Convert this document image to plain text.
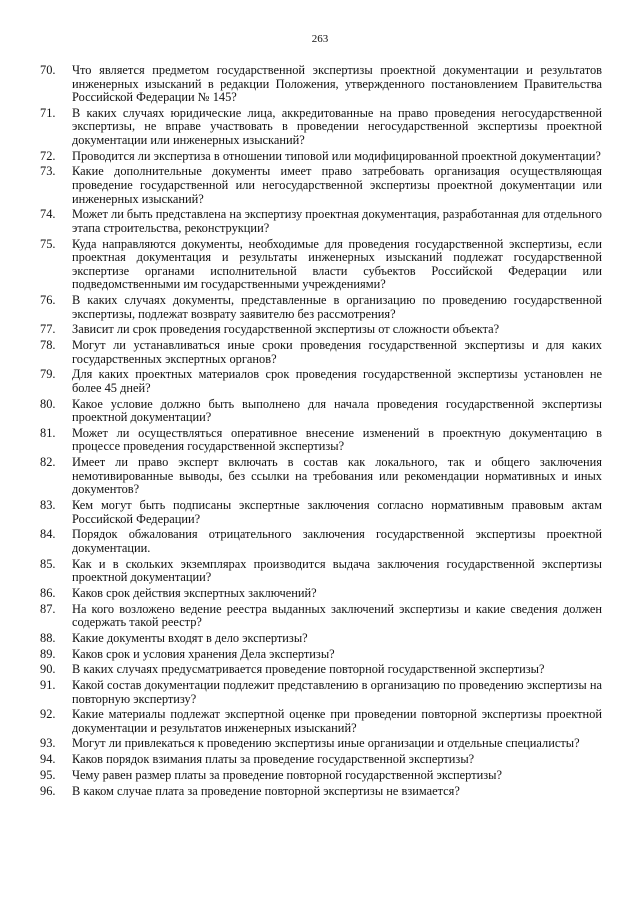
263
70.	Что является предметом государственной экспертизы проектной документации и результатов инженерных изысканий в редакции Положения, утвержденного постановлением Правительства Российской Федерации № 145?
71.	В каких случаях юридические лица, аккредитованные на право проведения негосударственной экспертизы, не вправе участвовать в проведении негосударственной экспертизы проектной документации или инженерных изысканий?
72.	Проводится ли экспертиза в отношении типовой или модифицированной проектной документации?
73.	Какие дополнительные документы имеет право затребовать организация осуществляющая проведение государственной или негосударственной экспертизы проектной документации или инженерных изысканий?
74.	Может ли быть представлена на экспертизу проектная документация, разработанная для отдельного этапа строительства, реконструкции?
75.	Куда направляются документы, необходимые для проведения государственной экспертизы, если проектная документация и результаты инженерных изысканий подлежат государственной экспертизе органами исполнительной власти субъектов Российской Федерации или подведомственными им государственными учреждениями?
76.	В каких случаях документы, представленные в организацию по проведению государственной экспертизы, подлежат возврату заявителю без рассмотрения?
77.	Зависит ли срок проведения государственной экспертизы от сложности объекта?
78.	Могут ли устанавливаться иные сроки проведения государственной экспертизы и для каких государственных экспертных органов?
79.	Для каких проектных материалов срок проведения государственной экспертизы установлен не более 45 дней?
80.	Какое условие должно быть выполнено для начала проведения государственной экспертизы проектной документации?
81.	Может ли осуществляться оперативное внесение изменений в проектную документацию в процессе проведения государственной экспертизы?
82.	Имеет ли право эксперт включать в состав как локального, так и общего заключения немотивированные выводы, без ссылки на требования или рекомендации нормативных и иных документов?
83.	Кем могут быть подписаны экспертные заключения согласно нормативным правовым актам Российской Федерации?
84.	Порядок обжалования отрицательного заключения государственной экспертизы проектной документации.
85.	Как и в скольких экземплярах производится выдача заключения государственной экспертизы проектной документации?
86.	Каков срок действия экспертных заключений?
87.	На кого возложено ведение реестра выданных заключений экспертизы и какие сведения должен содержать такой реестр?
88.	Какие документы входят в дело экспертизы?
89.	Каков срок и условия хранения Дела экспертизы?
90.	В каких случаях предусматривается проведение повторной государственной экспертизы?
91.	Какой состав документации подлежит представлению в организацию по проведению экспертизы на повторную экспертизу?
92.	Какие материалы подлежат экспертной оценке при проведении повторной экспертизы проектной документации и результатов инженерных изысканий?
93.	Могут ли привлекаться к проведению экспертизы иные организации и отдельные специалисты?
94.	Каков порядок взимания платы за проведение государственной экспертизы?
95.	Чему равен размер платы за проведение повторной государственной экспертизы?
96.	В каком случае плата за проведение повторной экспертизы не взимается?
